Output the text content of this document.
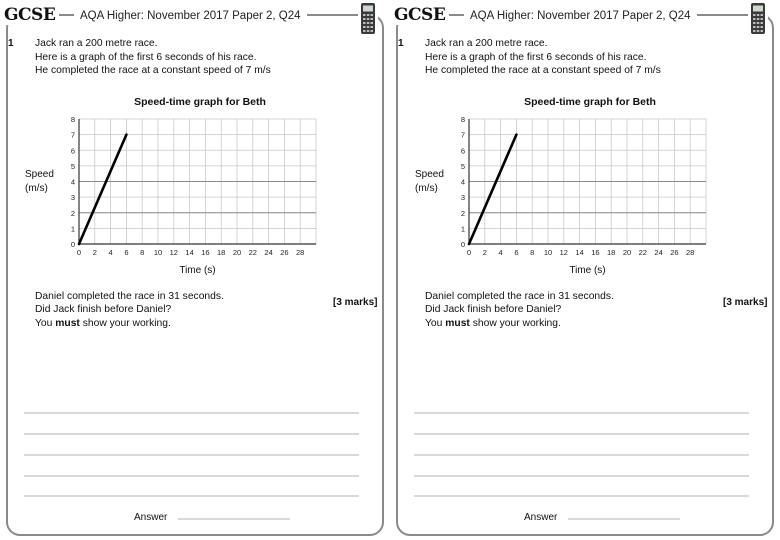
GCSE	AQA Higher: November 2017 Paper 2, Q24
1 Jack ran a 200 metre race.
Here is a graph of the first 6 seconds of his race.
He completed the race at a constant speed of 7 m/s
Speed-time graph for Beth
Speed
(m/s)
0
1
2
3
4
5
6
7
8
0 2 4 6 8 10 12 14 16 18 20 22 24 26 28
Time (s)
Daniel completed the race in 31 seconds.
Did Jack finish before Daniel?
You must show your working.
[3 marks]
Answer
GCSE	AQA Higher: November 2017 Paper 2, Q24
1 Jack ran a 200 metre race.
Here is a graph of the first 6 seconds of his race.
He completed the race at a constant speed of 7 m/s
Speed-time graph for Beth
Speed
(m/s)
0
1
2
3
4
5
6
7
8
0 2 4 6 8 10 12 14 16 18 20 22 24 26 28
Time (s)
Daniel completed the race in 31 seconds.
Did Jack finish before Daniel?
You must show your working.
[3 marks]
Answer
